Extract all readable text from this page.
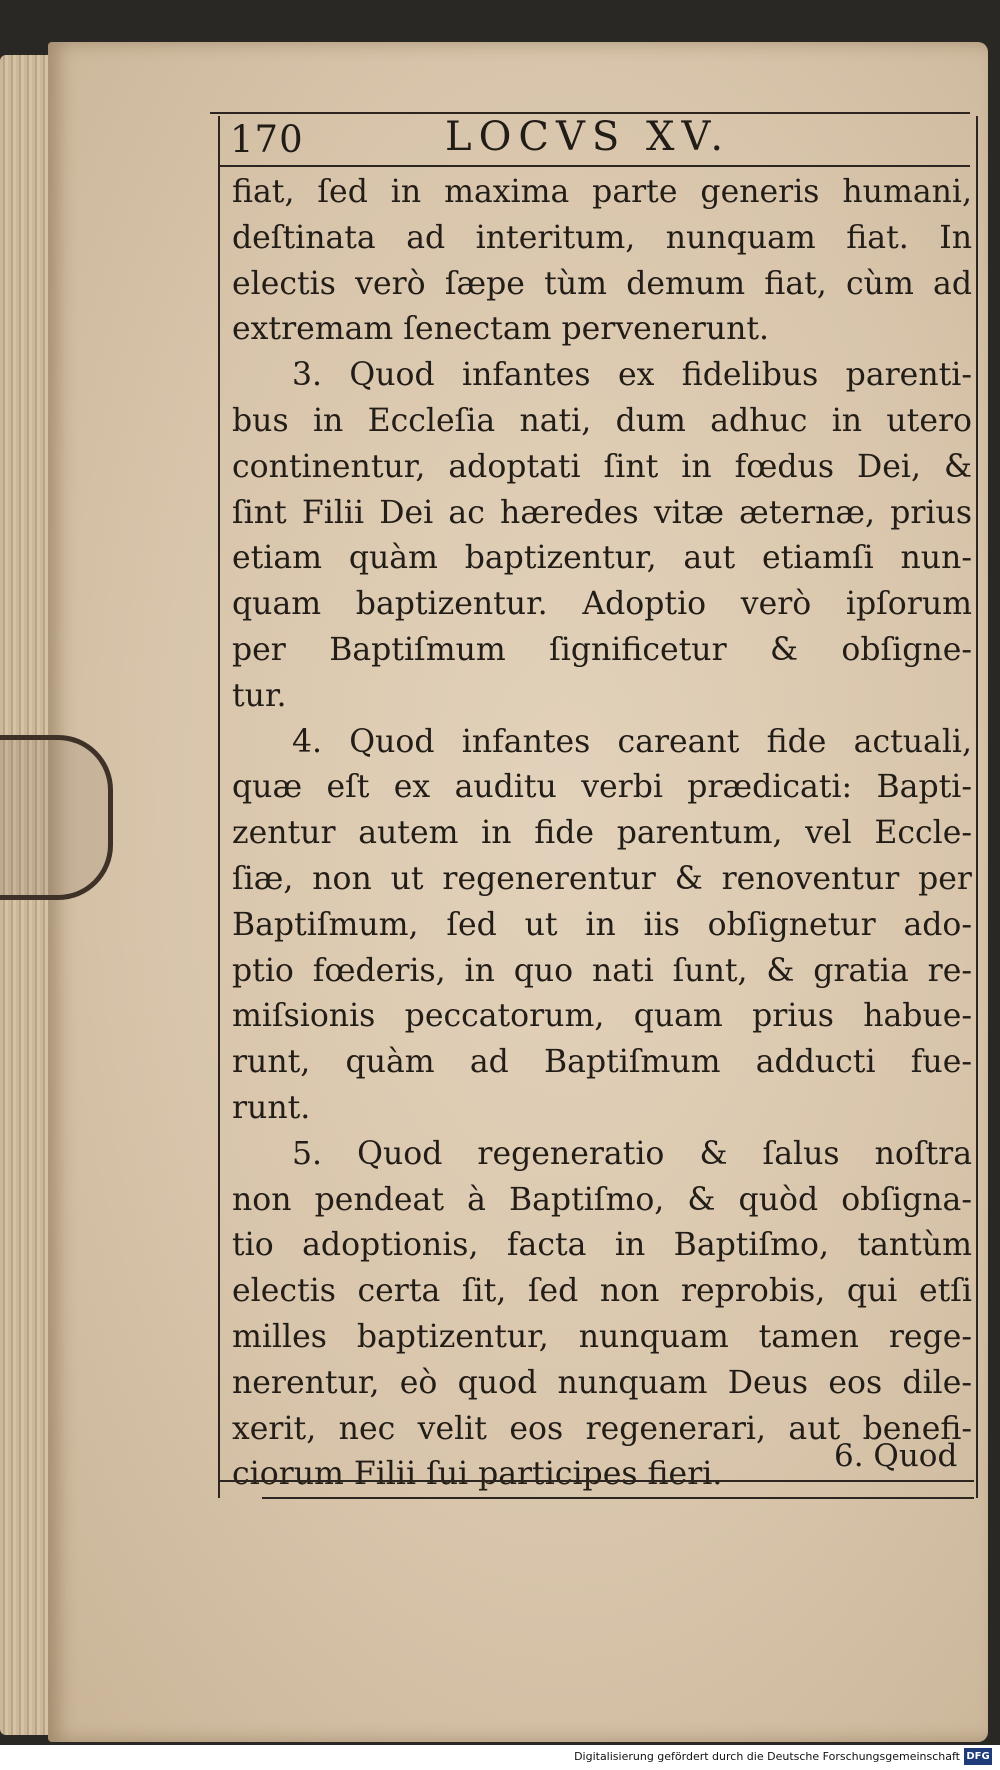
170	LOCVS XV.
fiat, ſed in maxima parte generis humani,
deſtinata ad interitum, nunquam fiat. In
electis verò ſæpe tùm demum fiat, cùm ad
extremam ſenectam pervenerunt.
3. Quod infantes ex fidelibus parenti-
bus in Eccleſia nati, dum adhuc in utero
continentur, adoptati ſint in fœdus Dei, &
ſint Filii Dei ac hæredes vitæ æternæ, prius
etiam quàm baptizentur, aut etiamſi nun-
quam baptizentur. Adoptio verò ipſorum
per Baptiſmum ſignificetur & obſigne-
tur.
4. Quod infantes careant fide actuali,
quæ eſt ex auditu verbi prædicati: Bapti-
zentur autem in fide parentum, vel Eccle-
ſiæ, non ut regenerentur & renoventur per
Baptiſmum, ſed ut in iis obſignetur ado-
ptio fœderis, in quo nati ſunt, & gratia re-
miſsionis peccatorum, quam prius habue-
runt, quàm ad Baptiſmum adducti fue-
runt.
5. Quod regeneratio & ſalus noſtra
non pendeat à Baptiſmo, & quòd obſigna-
tio adoptionis, facta in Baptiſmo, tantùm
electis certa ſit, ſed non reprobis, qui etſi
milles baptizentur, nunquam tamen rege-
nerentur, eò quod nunquam Deus eos dile-
xerit, nec velit eos regenerari, aut benefi-
ciorum Filii ſui participes fieri.
6. Quod
Digitalisierung gefördert durch die Deutsche Forschungsgemeinschaft DFG
